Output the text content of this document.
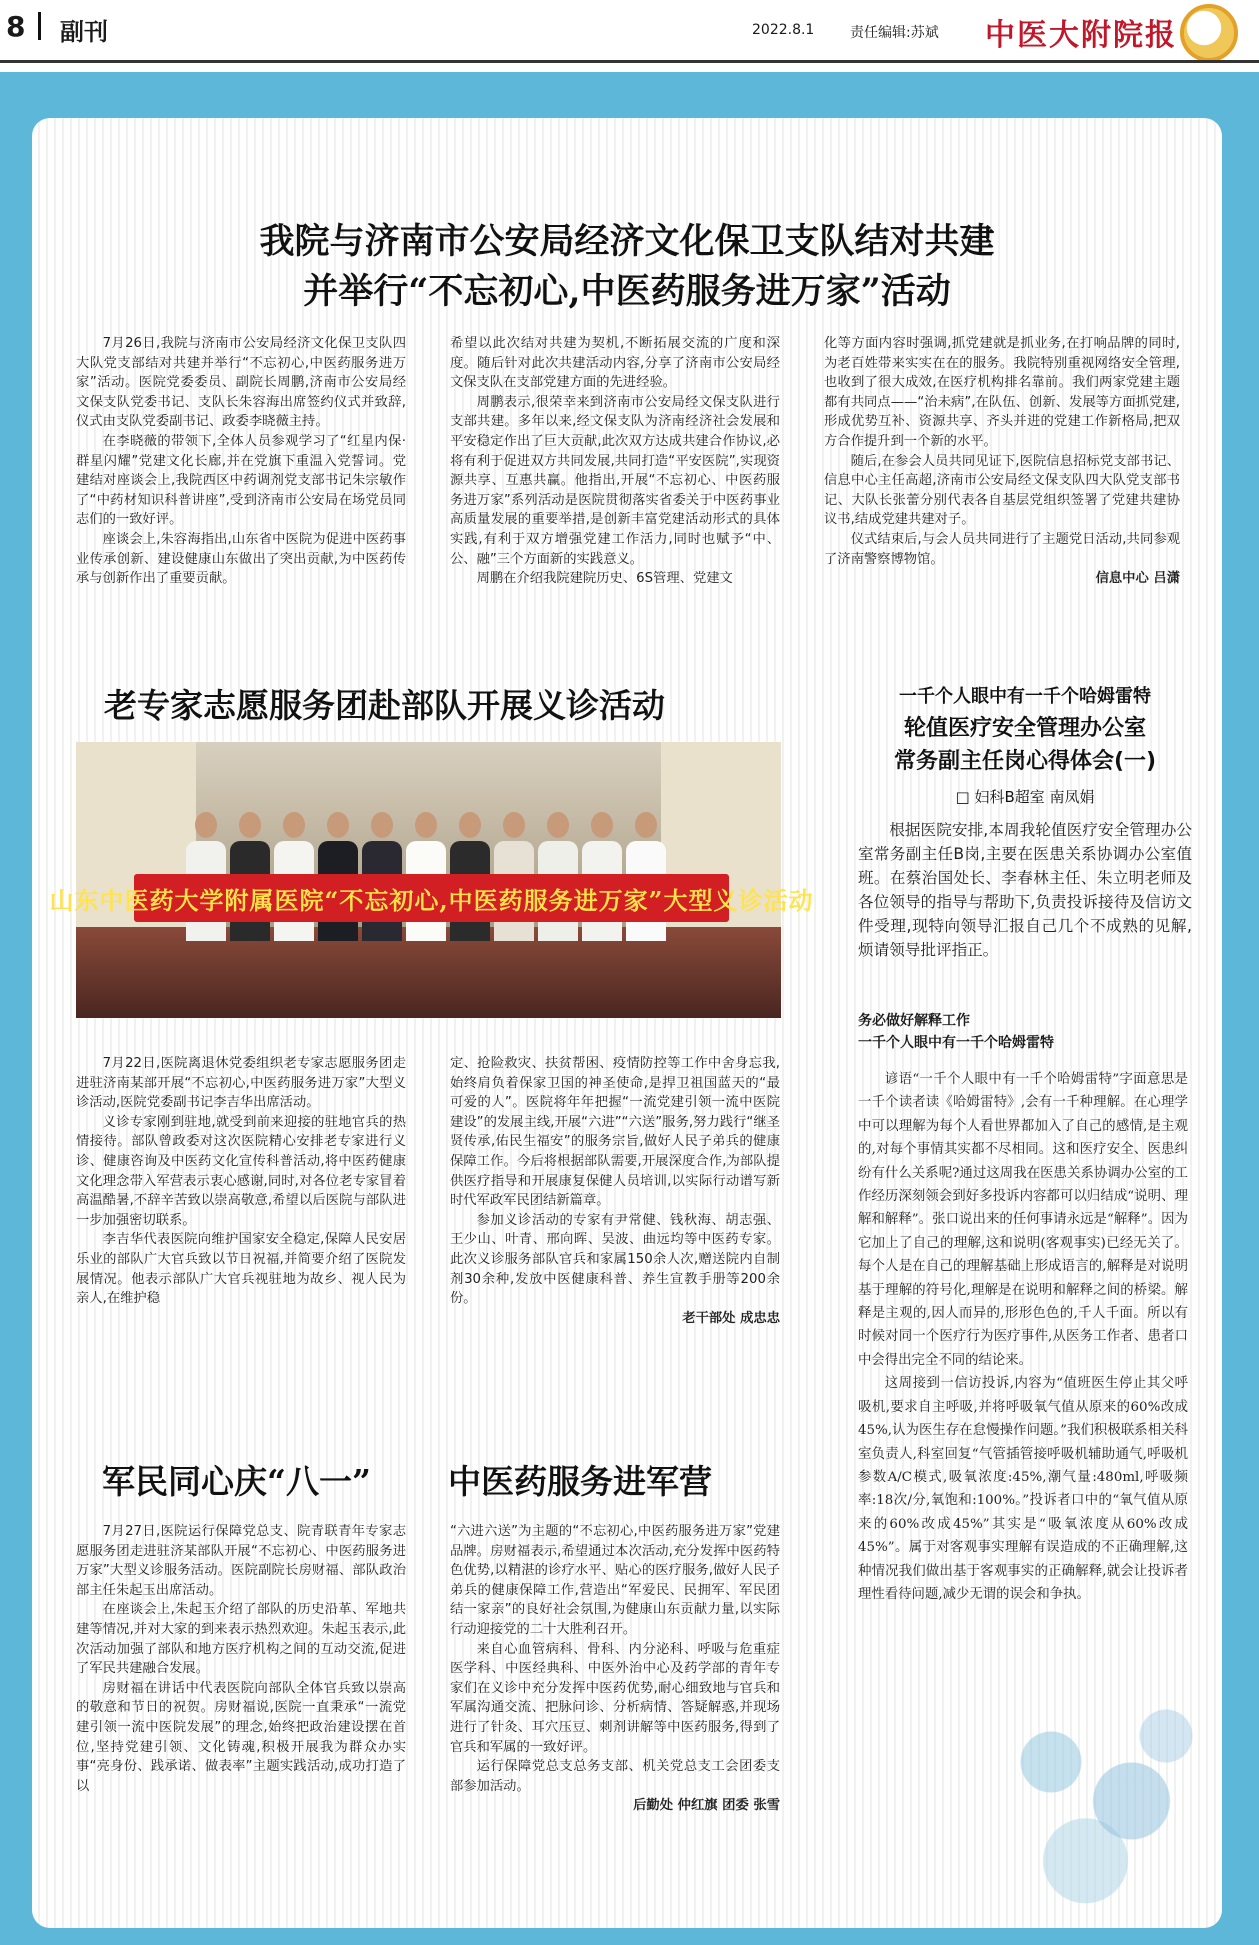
8 副刊	2022.8.1	责任编辑:苏斌 中医大附院报
我院与济南市公安局经济文化保卫支队结对共建
并举行“不忘初心,中医药服务进万家”活动

7月26日,我院与济南市公安局经济文化保卫支队四大队党支部结对共建并举行“不忘初心,中医药服务进万家”活动。医院党委委员、副院长周鹏,济南市公安局经文保支队党委书记、支队长朱容海出席签约仪式并致辞,仪式由支队党委副书记、政委李晓薇主持。

在李晓薇的带领下,全体人员参观学习了“红星内保·群星闪耀”党建文化长廊,并在党旗下重温入党誓词。党建结对座谈会上,我院西区中药调剂党支部书记朱宗敏作了“中药材知识科普讲座”,受到济南市公安局在场党员同志们的一致好评。

座谈会上,朱容海指出,山东省中医院为促进中医药事业传承创新、建设健康山东做出了突出贡献,为中医药传承与创新作出了重要贡献。

希望以此次结对共建为契机,不断拓展交流的广度和深度。随后针对此次共建活动内容,分享了济南市公安局经文保支队在支部党建方面的先进经验。

周鹏表示,很荣幸来到济南市公安局经文保支队进行支部共建。多年以来,经文保支队为济南经济社会发展和平安稳定作出了巨大贡献,此次双方达成共建合作协议,必将有利于促进双方共同发展,共同打造“平安医院”,实现资源共享、互惠共赢。他指出,开展“不忘初心、中医药服务进万家”系列活动是医院贯彻落实省委关于中医药事业高质量发展的重要举措,是创新丰富党建活动形式的具体实践,有利于双方增强党建工作活力,同时也赋予“中、公、融”三个方面新的实践意义。

周鹏在介绍我院建院历史、6S管理、党建文

化等方面内容时强调,抓党建就是抓业务,在打响品牌的同时,为老百姓带来实实在在的服务。我院特别重视网络安全管理,也收到了很大成效,在医疗机构排名靠前。我们两家党建主题都有共同点——“治未病”,在队伍、创新、发展等方面抓党建,形成优势互补、资源共享、齐头并进的党建工作新格局,把双方合作提升到一个新的水平。

随后,在参会人员共同见证下,医院信息招标党支部书记、信息中心主任高超,济南市公安局经文保支队四大队党支部书记、大队长张蕾分别代表各自基层党组织签署了党建共建协议书,结成党建共建对子。

仪式结束后,与会人员共同进行了主题党日活动,共同参观了济南警察博物馆。

信息中心 吕潇
老专家志愿服务团赴部队开展义诊活动
山东中医药大学附属医院“不忘初心,中医药服务进万家”大型义诊活动

7月22日,医院离退休党委组织老专家志愿服务团走进驻济南某部开展“不忘初心,中医药服务进万家”大型义诊活动,医院党委副书记李吉华出席活动。

义诊专家刚到驻地,就受到前来迎接的驻地官兵的热情接待。部队曾政委对这次医院精心安排老专家进行义诊、健康咨询及中医药文化宣传科普活动,将中医药健康文化理念带入军营表示衷心感谢,同时,对各位老专家冒着高温酷暑,不辞辛苦致以崇高敬意,希望以后医院与部队进一步加强密切联系。

李吉华代表医院向维护国家安全稳定,保障人民安居乐业的部队广大官兵致以节日祝福,并简要介绍了医院发展情况。他表示部队广大官兵视驻地为故乡、视人民为亲人,在维护稳

定、抢险救灾、扶贫帮困、疫情防控等工作中舍身忘我,始终肩负着保家卫国的神圣使命,是捍卫祖国蓝天的“最可爱的人”。医院将年年把握“一流党建引领一流中医院建设”的发展主线,开展“六进”“六送”服务,努力践行“继圣贤传承,佑民生福安”的服务宗旨,做好人民子弟兵的健康保障工作。今后将根据部队需要,开展深度合作,为部队提供医疗指导和开展康复保健人员培训,以实际行动谱写新时代军政军民团结新篇章。

参加义诊活动的专家有尹常健、钱秋海、胡志强、王少山、叶青、邢向晖、吴波、曲远均等中医药专家。此次义诊服务部队官兵和家属150余人次,赠送院内自制剂30余种,发放中医健康科普、养生宣教手册等200余份。

老干部处 成忠忠
军民同心庆“八一” 中医药服务进军营

7月27日,医院运行保障党总支、院青联青年专家志愿服务团走进驻济某部队开展“不忘初心、中医药服务进万家”大型义诊服务活动。医院副院长房财福、部队政治部主任朱起玉出席活动。

在座谈会上,朱起玉介绍了部队的历史沿革、军地共建等情况,并对大家的到来表示热烈欢迎。朱起玉表示,此次活动加强了部队和地方医疗机构之间的互动交流,促进了军民共建融合发展。

房财福在讲话中代表医院向部队全体官兵致以崇高的敬意和节日的祝贺。房财福说,医院一直秉承“一流党建引领一流中医院发展”的理念,始终把政治建设摆在首位,坚持党建引领、文化铸魂,积极开展我为群众办实事“亮身份、践承诺、做表率”主题实践活动,成功打造了以

“六进六送”为主题的“不忘初心,中医药服务进万家”党建品牌。房财福表示,希望通过本次活动,充分发挥中医药特色优势,以精湛的诊疗水平、贴心的医疗服务,做好人民子弟兵的健康保障工作,营造出“军爱民、民拥军、军民团结一家亲”的良好社会氛围,为健康山东贡献力量,以实际行动迎接党的二十大胜利召开。

来自心血管病科、骨科、内分泌科、呼吸与危重症医学科、中医经典科、中医外治中心及药学部的青年专家们在义诊中充分发挥中医药优势,耐心细致地与官兵和军属沟通交流、把脉问诊、分析病情、答疑解惑,并现场进行了针灸、耳穴压豆、刺剂讲解等中医药服务,得到了官兵和军属的一致好评。

运行保障党总支总务支部、机关党总支工会团委支部参加活动。

后勤处 仲红旗 团委 张雪
一千个人眼中有一千个哈姆雷特
轮值医疗安全管理办公室
常务副主任岗心得体会(一)
□ 妇科B超室 南凤娟

根据医院安排,本周我轮值医疗安全管理办公室常务副主任B岗,主要在医患关系协调办公室值班。在蔡治国处长、李春林主任、朱立明老师及各位领导的指导与帮助下,负责投诉接待及信访文件受理,现特向领导汇报自己几个不成熟的见解,烦请领导批评指正。

务必做好解释工作
一千个人眼中有一千个哈姆雷特

谚语“一千个人眼中有一千个哈姆雷特”字面意思是一千个读者读《哈姆雷特》,会有一千种理解。在心理学中可以理解为每个人看世界都加入了自己的感情,是主观的,对每个事情其实都不尽相同。这和医疗安全、医患纠纷有什么关系呢?通过这周我在医患关系协调办公室的工作经历深刻领会到好多投诉内容都可以归结成“说明、理解和解释”。张口说出来的任何事请永远是“解释”。因为它加上了自己的理解,这和说明(客观事实)已经无关了。每个人是在自己的理解基础上形成语言的,解释是对说明基于理解的符号化,理解是在说明和解释之间的桥梁。解释是主观的,因人而异的,形形色色的,千人千面。所以有时候对同一个医疗行为医疗事件,从医务工作者、患者口中会得出完全不同的结论来。

这周接到一信访投诉,内容为“值班医生停止其父呼吸机,要求自主呼吸,并将呼吸氧气值从原来的60%改成45%,认为医生存在怠慢操作问题。”我们积极联系相关科室负责人,科室回复“气管插管接呼吸机辅助通气,呼吸机参数A/C模式,吸氧浓度:45%,潮气量:480ml,呼吸频率:18次/分,氧饱和:100%。”投诉者口中的“氧气值从原来的60%改成45%”其实是“吸氧浓度从60%改成45%”。属于对客观事实理解有误造成的不正确理解,这种情况我们做出基于客观事实的正确解释,就会让投诉者理性看待问题,减少无谓的误会和争执。
